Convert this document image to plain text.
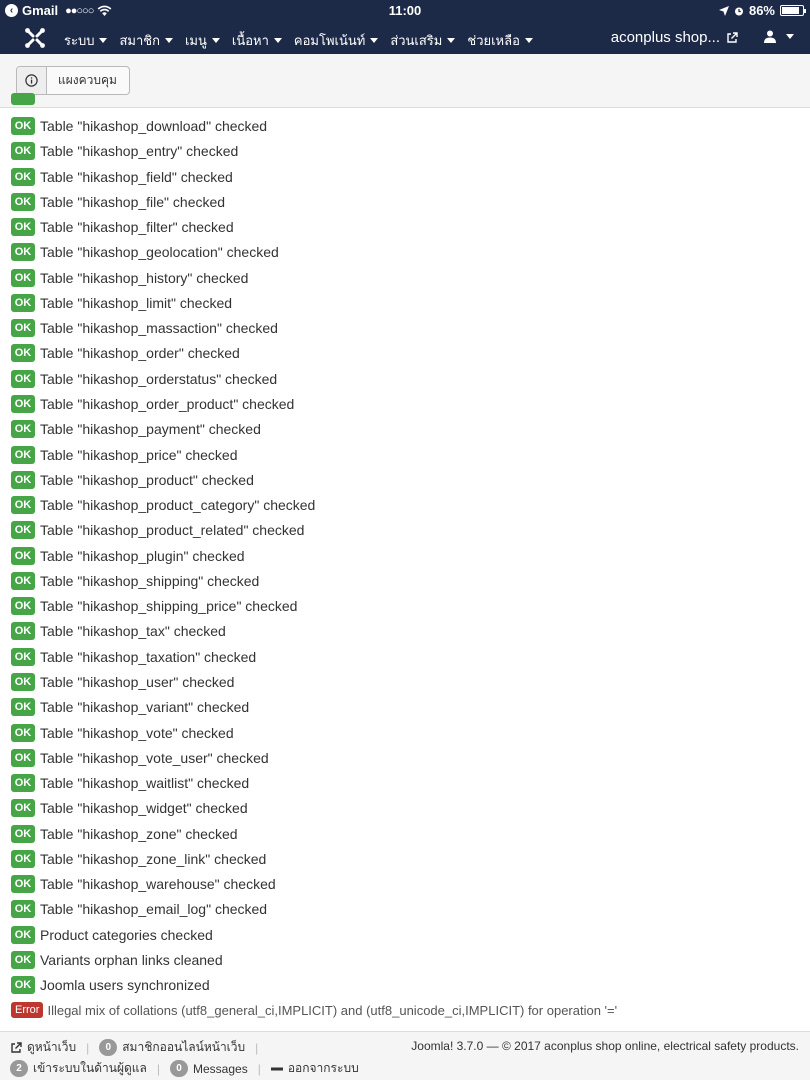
‹ Gmail ●●○○○	11:00	86%
ระบบ สมาชิก เมนู เนื้อหา คอมโพเน้นท์ ส่วนเสริม ช่วยเหลือ	aconplus shop...
แผงควบคุม
OK Table "hikashop_download" checked
OK Table "hikashop_entry" checked
OK Table "hikashop_field" checked
OK Table "hikashop_file" checked
OK Table "hikashop_filter" checked
OK Table "hikashop_geolocation" checked
OK Table "hikashop_history" checked
OK Table "hikashop_limit" checked
OK Table "hikashop_massaction" checked
OK Table "hikashop_order" checked
OK Table "hikashop_orderstatus" checked
OK Table "hikashop_order_product" checked
OK Table "hikashop_payment" checked
OK Table "hikashop_price" checked
OK Table "hikashop_product" checked
OK Table "hikashop_product_category" checked
OK Table "hikashop_product_related" checked
OK Table "hikashop_plugin" checked
OK Table "hikashop_shipping" checked
OK Table "hikashop_shipping_price" checked
OK Table "hikashop_tax" checked
OK Table "hikashop_taxation" checked
OK Table "hikashop_user" checked
OK Table "hikashop_variant" checked
OK Table "hikashop_vote" checked
OK Table "hikashop_vote_user" checked
OK Table "hikashop_waitlist" checked
OK Table "hikashop_widget" checked
OK Table "hikashop_zone" checked
OK Table "hikashop_zone_link" checked
OK Table "hikashop_warehouse" checked
OK Table "hikashop_email_log" checked
OK Product categories checked
OK Variants orphan links cleaned
OK Joomla users synchronized
Error Illegal mix of collations (utf8_general_ci,IMPLICIT) and (utf8_unicode_ci,IMPLICIT) for operation '='
ดูหน้าเว็บ |	0 สมาชิกออนไลน์หน้าเว็บ |	Joomla! 3.7.0 — © 2017 aconplus shop online, electrical safety products.
2 เข้าระบบในด้านผู้ดูแล |	0 Messages | ออกจากระบบ
